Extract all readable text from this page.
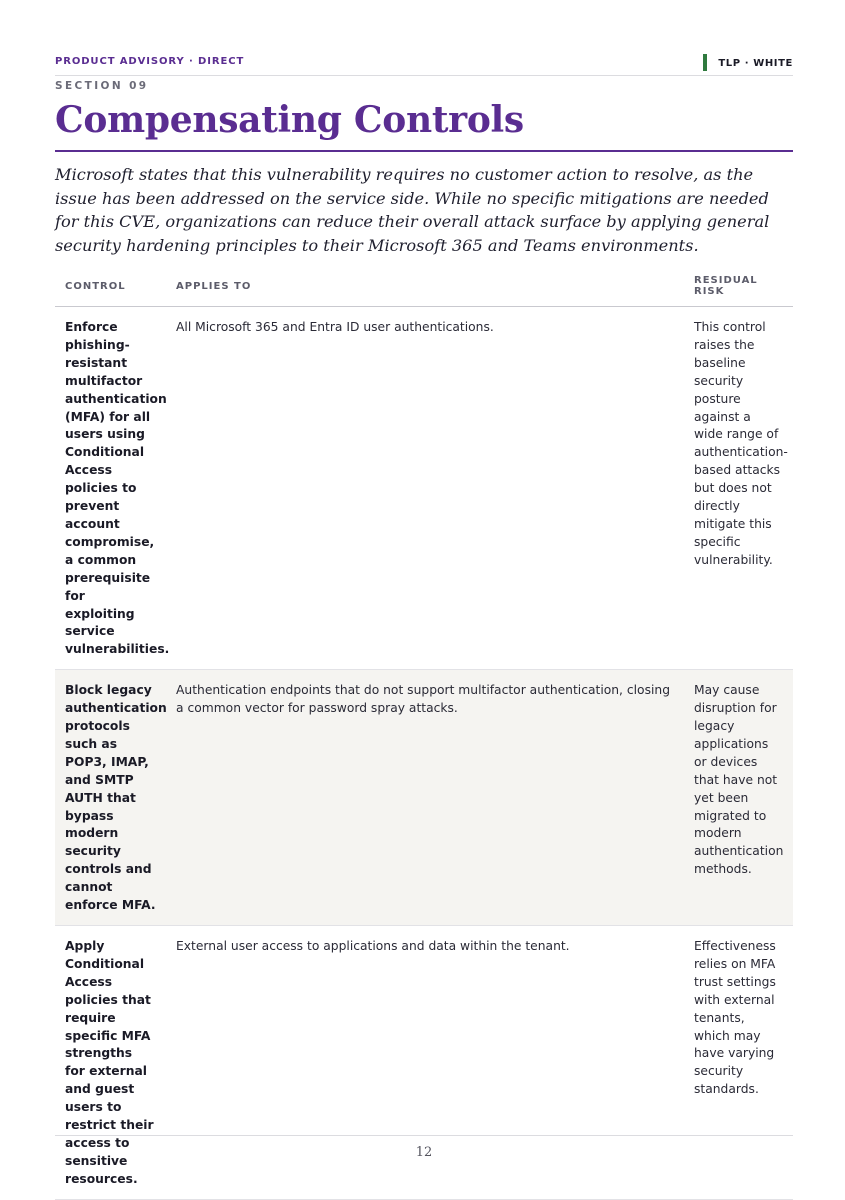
PRODUCT ADVISORY · DIRECT	TLP · WHITE
SECTION 09
Compensating Controls

Microsoft states that this vulnerability requires no customer action to resolve, as the issue has been addressed on the service side. While no specific mitigations are needed for this CVE, organizations can reduce their overall attack surface by applying general security hardening principles to their Microsoft 365 and Teams environments.

CONTROL	APPLIES TO	RESIDUAL RISK
Enforce phishing-resistant multifactor authentication (MFA) for all users using Conditional Access policies to prevent account compromise, a common prerequisite for exploiting service vulnerabilities.	All Microsoft 365 and Entra ID user authentications.	This control raises the baseline security posture against a wide range of authentication-based attacks but does not directly mitigate this specific vulnerability.
Block legacy authentication protocols such as POP3, IMAP, and SMTP AUTH that bypass modern security controls and cannot enforce MFA.	Authentication endpoints that do not support multifactor authentication, closing a common vector for password spray attacks.	May cause disruption for legacy applications or devices that have not yet been migrated to modern authentication methods.
Apply Conditional Access policies that require specific MFA strengths for external and guest users to restrict their access to sensitive resources.	External user access to applications and data within the tenant.	Effectiveness relies on MFA trust settings with external tenants, which may have varying security standards.
12
